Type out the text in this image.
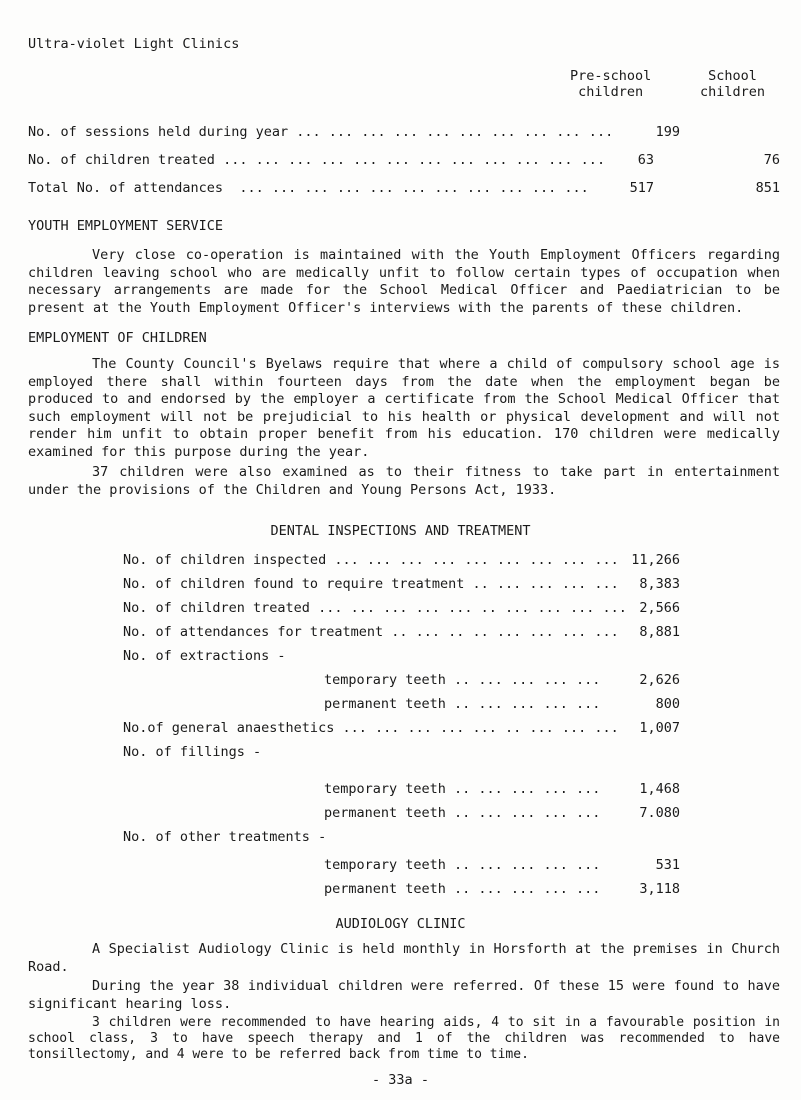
Ultra-violet Light Clinics
Pre-school
children
School
children
No. of sessions held during year ... ... ... ... ... ... ... ... ... ...	199
No. of children treated ... ... ... ... ... ... ... ... ... ... ... ...	63	76
Total No. of attendances  ... ... ... ... ... ... ... ... ... ... ...	517	851
YOUTH EMPLOYMENT SERVICE
Very close co-operation is maintained with the Youth Employment Officers regarding children leaving school who are medically unfit to follow certain types of occupation when necessary arrangements are made for the School Medical Officer and Paediatrician to be present at the Youth Employment Officer's interviews with the parents of these children.
EMPLOYMENT OF CHILDREN
The County Council's Byelaws require that where a child of compulsory school age is employed there shall within fourteen days from the date when the employment began be produced to and endorsed by the employer a certificate from the School Medical Officer that such employment will not be prejudicial to his health or physical development and will not render him unfit to obtain proper benefit from his education. 170 children were medically examined for this purpose during the year.
37 children were also examined as to their fitness to take part in entertainment under the provisions of the Children and Young Persons Act, 1933.
DENTAL INSPECTIONS AND TREATMENT
No. of children inspected ... ... ... ... ... ... ... ... ... 11,266
No. of children found to require treatment .. ... ... ... ...	8,383
No. of children treated ... ... ... ... ... .. ... ... ... ... 2,566
No. of attendances for treatment .. ... .. .. ... ... ... ...	8,881
No. of extractions -
temporary teeth .. ... ... ... ...	2,626
permanent teeth .. ... ... ... ...	800
No.of general anaesthetics ... ... ... ... ... .. ... ... ...	1,007
No. of fillings -
temporary teeth .. ... ... ... ...	1,468
permanent teeth .. ... ... ... ...	7.080
No. of other treatments -
temporary teeth .. ... ... ... ...	531
permanent teeth .. ... ... ... ...	3,118
AUDIOLOGY CLINIC
A Specialist Audiology Clinic is held monthly in Horsforth at the premises in Church Road.
During the year 38 individual children were referred. Of these 15 were found to have significant hearing loss.
3 children were recommended to have hearing aids, 4 to sit in a favourable position in school class, 3 to have speech therapy and 1 of the children was recommended to have tonsillectomy, and 4 were to be referred back from time to time.
- 33a -
